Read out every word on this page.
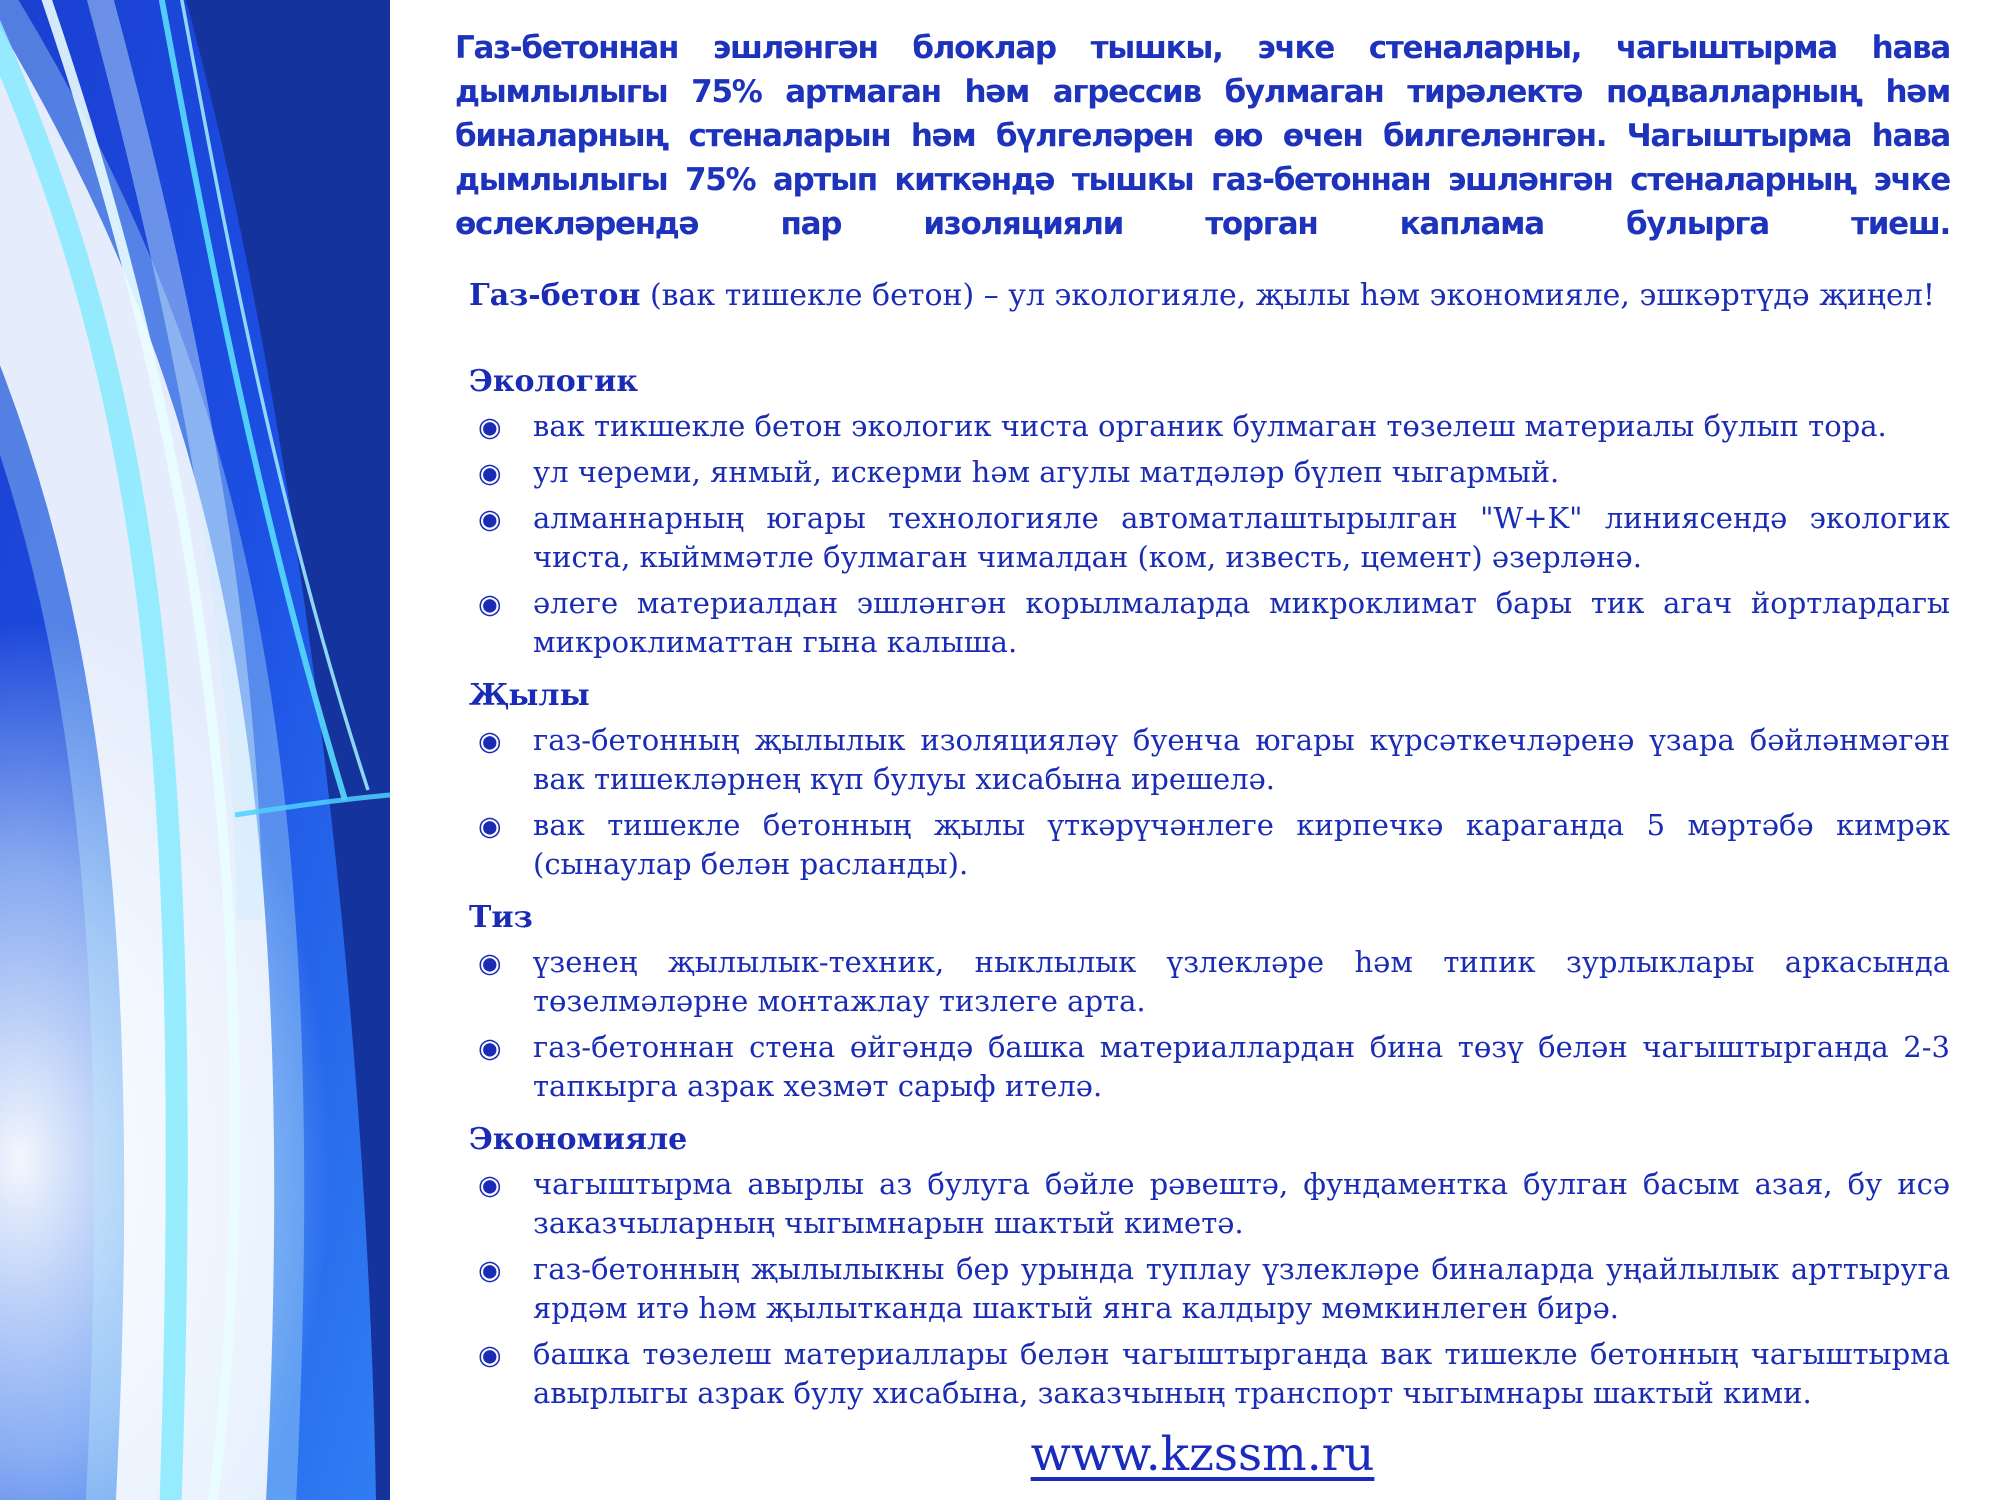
Газ-бетоннан эшләнгән блоклар тышкы, эчке стеналарны, чагыштырма һава дымлылыгы 75% артмаган һәм агрессив булмаган тирәлектә подвалларның һәм биналарның стеналарын һәм бүлгеләрен өю өчен билгеләнгән. Чагыштырма һава дымлылыгы 75% артып киткәндә тышкы газ-бетоннан эшләнгән стеналарның эчке өслекләрендә пар изоляцияли торган каплама булырга тиеш.

Газ-бетон (вак тишекле бетон) – ул экологияле, җылы һәм экономияле, эшкәртүдә җиңел!

Экологик

◉ вак тикшекле бетон экологик чиста органик булмаган төзелеш материалы булып тора.
◉ ул череми, янмый, искерми һәм агулы матдәләр бүлеп чыгармый.
◉ алманнарның югары технологияле автоматлаштырылган "W+K" линиясендә экологик чиста, кыйммәтле булмаган чималдан (ком, известь, цемент) әзерләнә.
◉ әлеге материалдан эшләнгән корылмаларда микроклимат бары тик агач йортлардагы микроклиматтан гына калыша.

Җылы

◉ газ-бетонның җылылык изоляцияләү буенча югары күрсәткечләренә үзара бәйләнмәгән вак тишекләрнең күп булуы хисабына ирешелә.
◉ вак тишекле бетонның җылы үткәрүчәнлеге кирпечкә караганда 5 мәртәбә кимрәк (сынаулар белән расланды).

Тиз

◉ үзенең җылылык-техник, ныклылык үзлекләре һәм типик зурлыклары аркасында төзелмәләрне монтажлау тизлеге арта.
◉ газ-бетоннан стена өйгәндә башка материаллардан бина төзү белән чагыштырганда 2-3 тапкырга азрак хезмәт сарыф ителә.

Экономияле

◉ чагыштырма авырлы аз булуга бәйле рәвештә, фундаментка булган басым азая, бу исә заказчыларның чыгымнарын шактый киметә.
◉ газ-бетонның җылылыкны бер урында туплау үзлекләре биналарда уңайлылык арттыруга ярдәм итә һәм җылытканда шактый янга калдыру мөмкинлеген бирә.
◉ башка төзелеш материаллары белән чагыштырганда вак тишекле бетонның чагыштырма авырлыгы азрак булу хисабына, заказчының транспорт чыгымнары шактый кими.
www.kzssm.ru
